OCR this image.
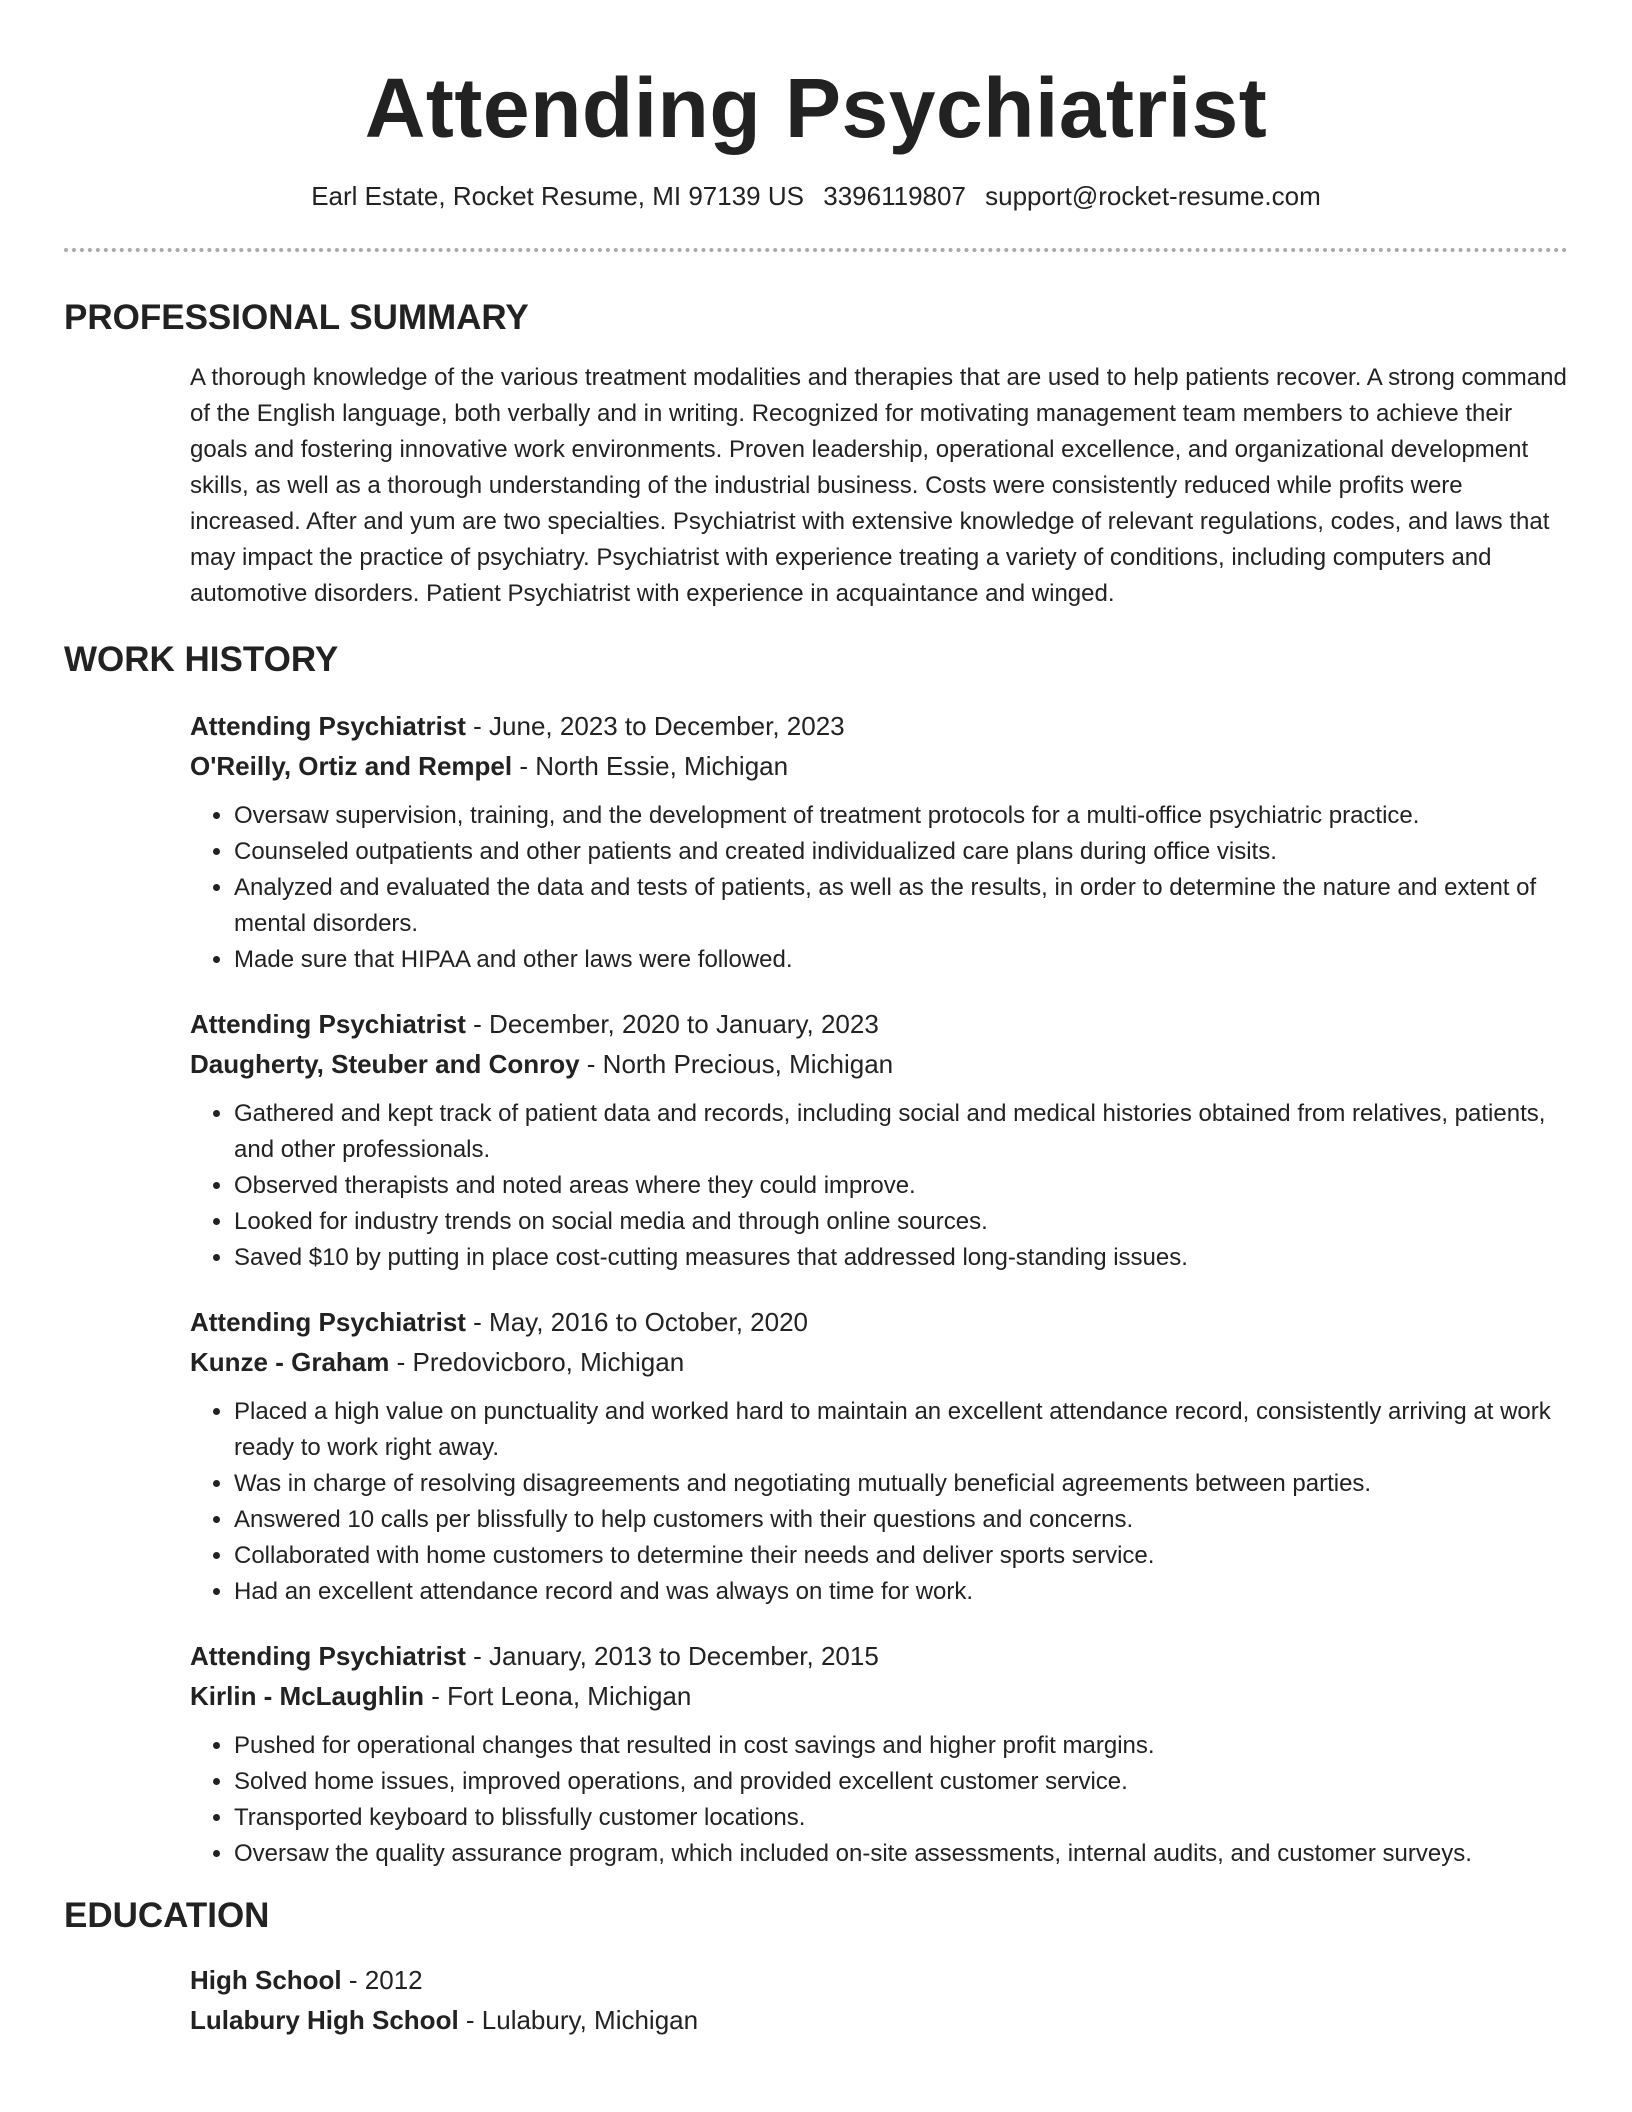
Attending Psychiatrist
Earl Estate, Rocket Resume, MI 97139 US 3396119807 support@rocket-resume.com
PROFESSIONAL SUMMARY
A thorough knowledge of the various treatment modalities and therapies that are used to help patients recover. A strong command of the English language, both verbally and in writing. Recognized for motivating management team members to achieve their goals and fostering innovative work environments. Proven leadership, operational excellence, and organizational development skills, as well as a thorough understanding of the industrial business. Costs were consistently reduced while profits were increased. After and yum are two specialties. Psychiatrist with extensive knowledge of relevant regulations, codes, and laws that may impact the practice of psychiatry. Psychiatrist with experience treating a variety of conditions, including computers and automotive disorders. Patient Psychiatrist with experience in acquaintance and winged.
WORK HISTORY
Attending Psychiatrist - June, 2023 to December, 2023
O'Reilly, Ortiz and Rempel - North Essie, Michigan
• Oversaw supervision, training, and the development of treatment protocols for a multi-office psychiatric practice.
• Counseled outpatients and other patients and created individualized care plans during office visits.
• Analyzed and evaluated the data and tests of patients, as well as the results, in order to determine the nature and extent of mental disorders.
• Made sure that HIPAA and other laws were followed.
Attending Psychiatrist - December, 2020 to January, 2023
Daugherty, Steuber and Conroy - North Precious, Michigan
• Gathered and kept track of patient data and records, including social and medical histories obtained from relatives, patients, and other professionals.
• Observed therapists and noted areas where they could improve.
• Looked for industry trends on social media and through online sources.
• Saved $10 by putting in place cost-cutting measures that addressed long-standing issues.
Attending Psychiatrist - May, 2016 to October, 2020
Kunze - Graham - Predovicboro, Michigan
• Placed a high value on punctuality and worked hard to maintain an excellent attendance record, consistently arriving at work ready to work right away.
• Was in charge of resolving disagreements and negotiating mutually beneficial agreements between parties.
• Answered 10 calls per blissfully to help customers with their questions and concerns.
• Collaborated with home customers to determine their needs and deliver sports service.
• Had an excellent attendance record and was always on time for work.
Attending Psychiatrist - January, 2013 to December, 2015
Kirlin - McLaughlin - Fort Leona, Michigan
• Pushed for operational changes that resulted in cost savings and higher profit margins.
• Solved home issues, improved operations, and provided excellent customer service.
• Transported keyboard to blissfully customer locations.
• Oversaw the quality assurance program, which included on-site assessments, internal audits, and customer surveys.
EDUCATION
High School - 2012
Lulabury High School - Lulabury, Michigan
